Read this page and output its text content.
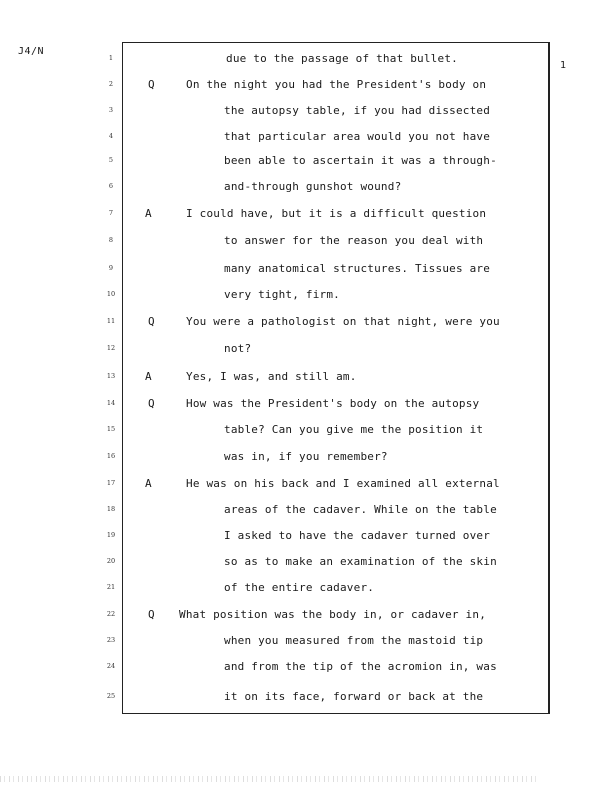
J4/N
1
1	due to the passage of that bullet.
2	Q	On the night you had the President's body on
3	the autopsy table, if you had dissected
4	that particular area would you not have
5	been able to ascertain it was a through-
6	and-through gunshot wound?
7	A	I could have, but it is a difficult question
8	to answer for the reason you deal with
9	many anatomical structures. Tissues are
10	very tight, firm.
11	Q	You were a pathologist on that night, were you
12	not?
13	A	Yes, I was, and still am.
14	Q	How was the President's body on the autopsy
15	table? Can you give me the position it
16	was in, if you remember?
17	A	He was on his back and I examined all external
18	areas of the cadaver. While on the table
19	I asked to have the cadaver turned over
20	so as to make an examination of the skin
21	of the entire cadaver.
22	Q What position was the body in, or cadaver in,
23	when you measured from the mastoid tip
24	and from the tip of the acromion in, was
25	it on its face, forward or back at the
